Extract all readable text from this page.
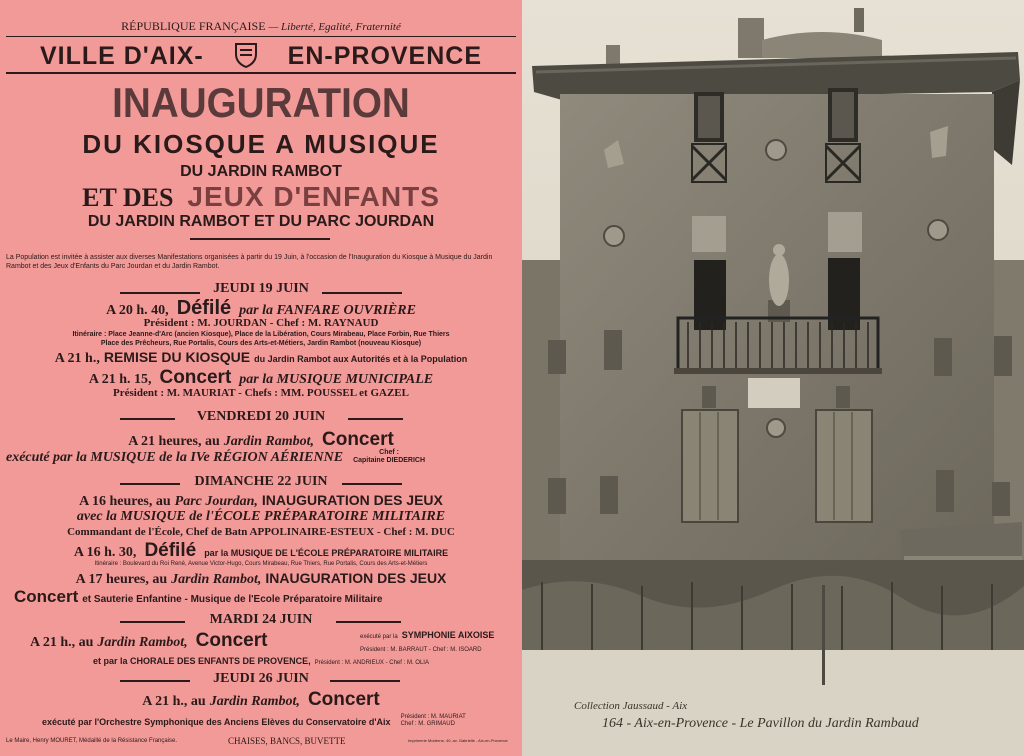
RÉPUBLIQUE FRANÇAISE — Liberté, Egalité, Fraternité
VILLE D'AIX-	EN-PROVENCE
INAUGURATION
DU KIOSQUE A MUSIQUE
DU JARDIN RAMBOT
ET DES JEUX D'ENFANTS
DU JARDIN RAMBOT ET DU PARC JOURDAN
La Population est invitée à assister aux diverses Manifestations organisées à partir du 19 Juin, à l'occasion de l'Inauguration du Kiosque à Musique du Jardin Rambot et des Jeux d'Enfants du Parc Jourdan et du Jardin Rambot.
JEUDI 19 JUIN
A 20 h. 40, Défilé par la FANFARE OUVRIÈRE
Président : M. JOURDAN - Chef : M. RAYNAUD
Itinéraire : Place Jeanne-d'Arc (ancien Kiosque), Place de la Libération, Cours Mirabeau, Place Forbin, Rue Thiers
Place des Prêcheurs, Rue Portalis, Cours des Arts-et-Métiers, Jardin Rambot (nouveau Kiosque)
A 21 h., REMISE DU KIOSQUE du Jardin Rambot aux Autorités et à la Population
A 21 h. 15, Concert par la MUSIQUE MUNICIPALE
Président : M. MAURIAT - Chefs : MM. POUSSEL et GAZEL
VENDREDI 20 JUIN
A 21 heures, au Jardin Rambot, Concert
exécuté par la MUSIQUE de la IVe RÉGION AÉRIENNE	Chef :
Capitaine DIEDERICH
DIMANCHE 22 JUIN
A 16 heures, au Parc Jourdan, INAUGURATION DES JEUX
avec la MUSIQUE de l'ÉCOLE PRÉPARATOIRE MILITAIRE
Commandant de l'École, Chef de Batn APPOLINAIRE-ESTEUX - Chef : M. DUC
A 16 h. 30, Défilé par la MUSIQUE DE L'ÉCOLE PRÉPARATOIRE MILITAIRE
Itinéraire : Boulevard du Roi René, Avenue Victor-Hugo, Cours Mirabeau, Rue Thiers, Rue Portalis, Cours des Arts-et-Métiers
A 17 heures, au Jardin Rambot, INAUGURATION DES JEUX
Concert et Sauterie Enfantine - Musique de l'Ecole Préparatoire Militaire
MARDI 24 JUIN
A 21 h., au Jardin Rambot, Concert	exécuté par la SYMPHONIE AIXOISE
Président : M. BARRAUT - Chef : M. ISOARD
et par la CHORALE DES ENFANTS DE PROVENCE, Président : M. ANDRIEUX - Chef : M. OLIA
JEUDI 26 JUIN
A 21 h., au Jardin Rambot, Concert
exécuté par l'Orchestre Symphonique des Anciens Elèves du Conservatoire d'Aix Président : M. MAURIAT
Chef : M. GRIMAUD
Le Maire, Henry MOURET, Médaillé de la Résistance Française.	CHAISES, BANCS, BUVETTE	Imprimerie Moderne, 40, av. Gabrielle - Aix-en-Provence
Collection Jaussaud - Aix
164 - Aix-en-Provence - Le Pavillon du Jardin Rambaud
